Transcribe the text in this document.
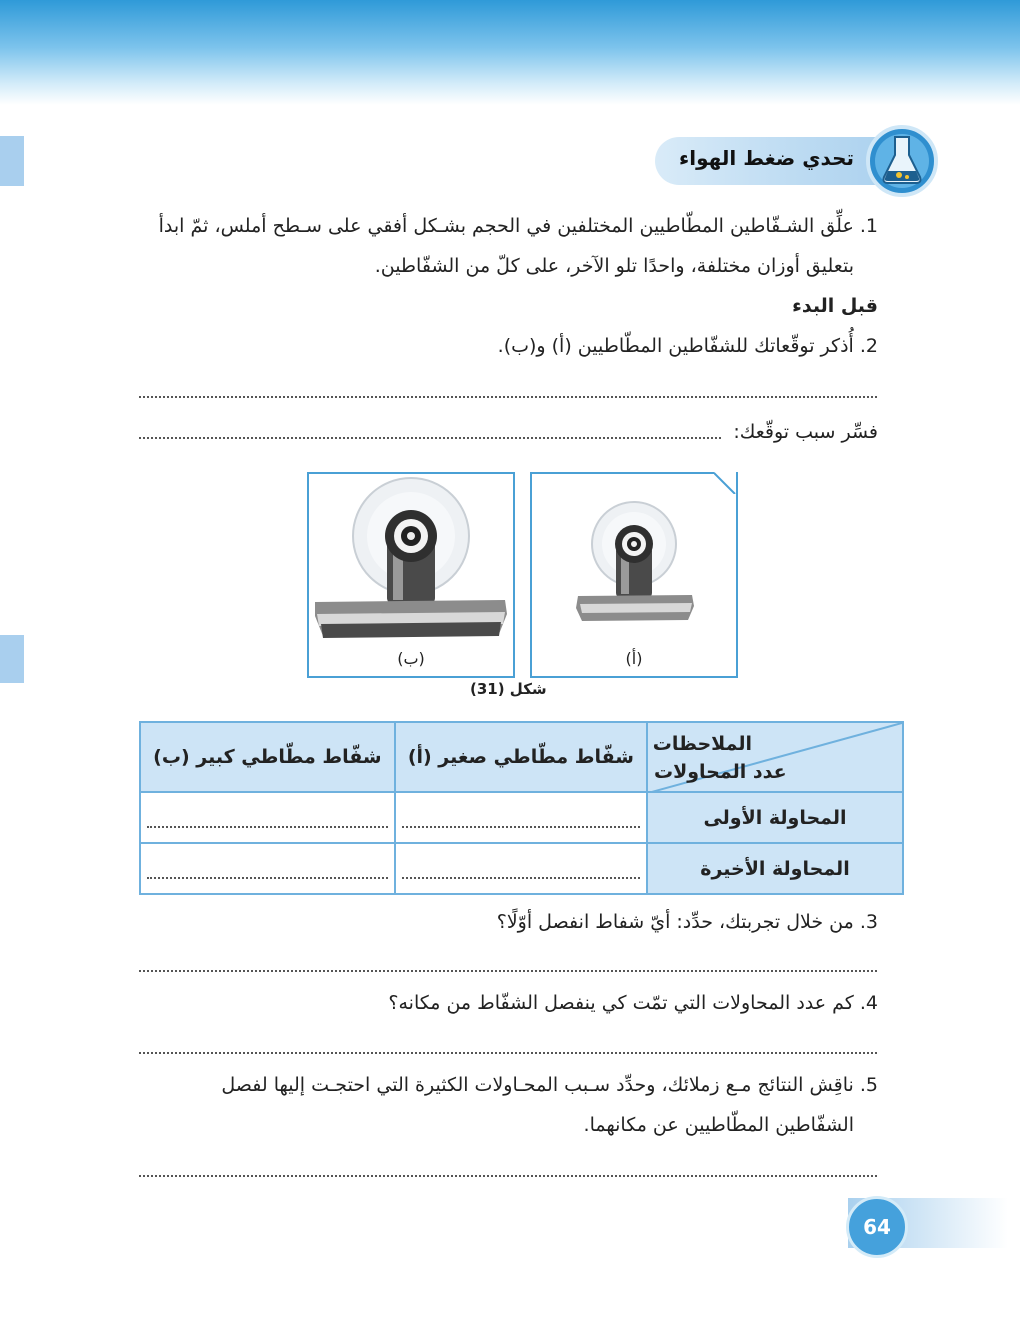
تحدي ضغط الهواء
1. علِّق الشـفّاطين المطّاطيين المختلفين في الحجم بشـكل أفقي على سـطح أملس، ثمّ ابدأ
بتعليق أوزان مختلفة، واحدًا تلو الآخر، على كلّ من الشفّاطين.
قبل البدء
2. أُذكر توقّعاتك للشفّاطين المطّاطيين (أ) و(ب).
فسِّر سبب توقّعك:
(ب)	(أ)
شكل (31)
الملاحظات
عدد المحاولات	شفّاط مطّاطي صغير (أ)	شفّاط مطّاطي كبير (ب)
المحاولة الأولى	

المحاولة الأخيرة	

3. من خلال تجربتك، حدِّد: أيّ شفاط انفصل أوّلًا؟
4. كم عدد المحاولات التي تمّت كي ينفصل الشفّاط من مكانه؟
5. ناقِش النتائج مـع زملائك، وحدِّد سـبب المحـاولات الكثيرة التي احتجـت إليها لفصل
الشفّاطين المطّاطيين عن مكانهما.
64
